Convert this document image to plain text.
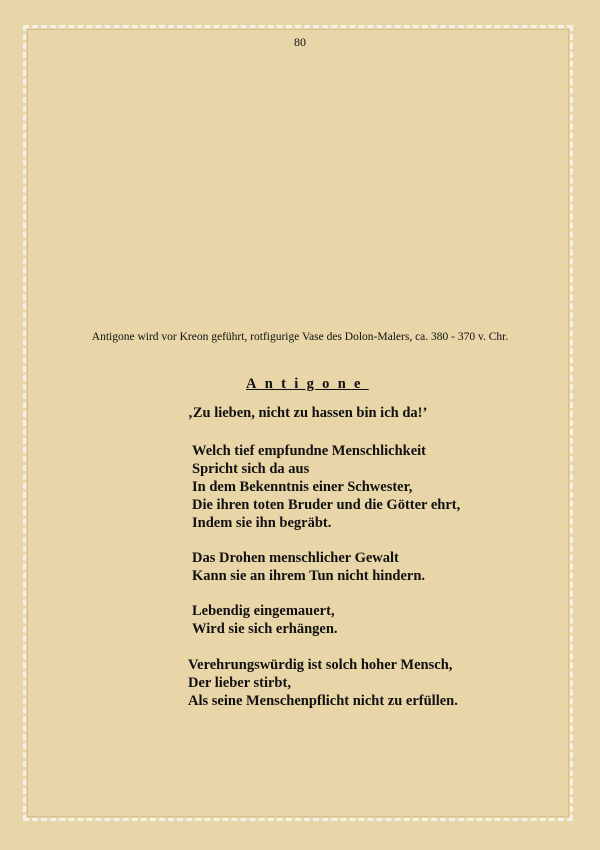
80
Antigone wird vor Kreon geführt, rotfigurige Vase des Dolon-Malers, ca. 380 - 370 v. Chr.
Antigone
‚Zu lieben, nicht zu hassen bin ich da!’
Welch tief empfundne Menschlichkeit
Spricht sich da aus
In dem Bekenntnis einer Schwester,
Die ihren toten Bruder und die Götter ehrt,
Indem sie ihn begräbt.
Das Drohen menschlicher Gewalt
Kann sie an ihrem Tun nicht hindern.
Lebendig eingemauert,
Wird sie sich erhängen.
Verehrungswürdig ist solch hoher Mensch,
Der lieber stirbt,
Als seine Menschenpflicht nicht zu erfüllen.
